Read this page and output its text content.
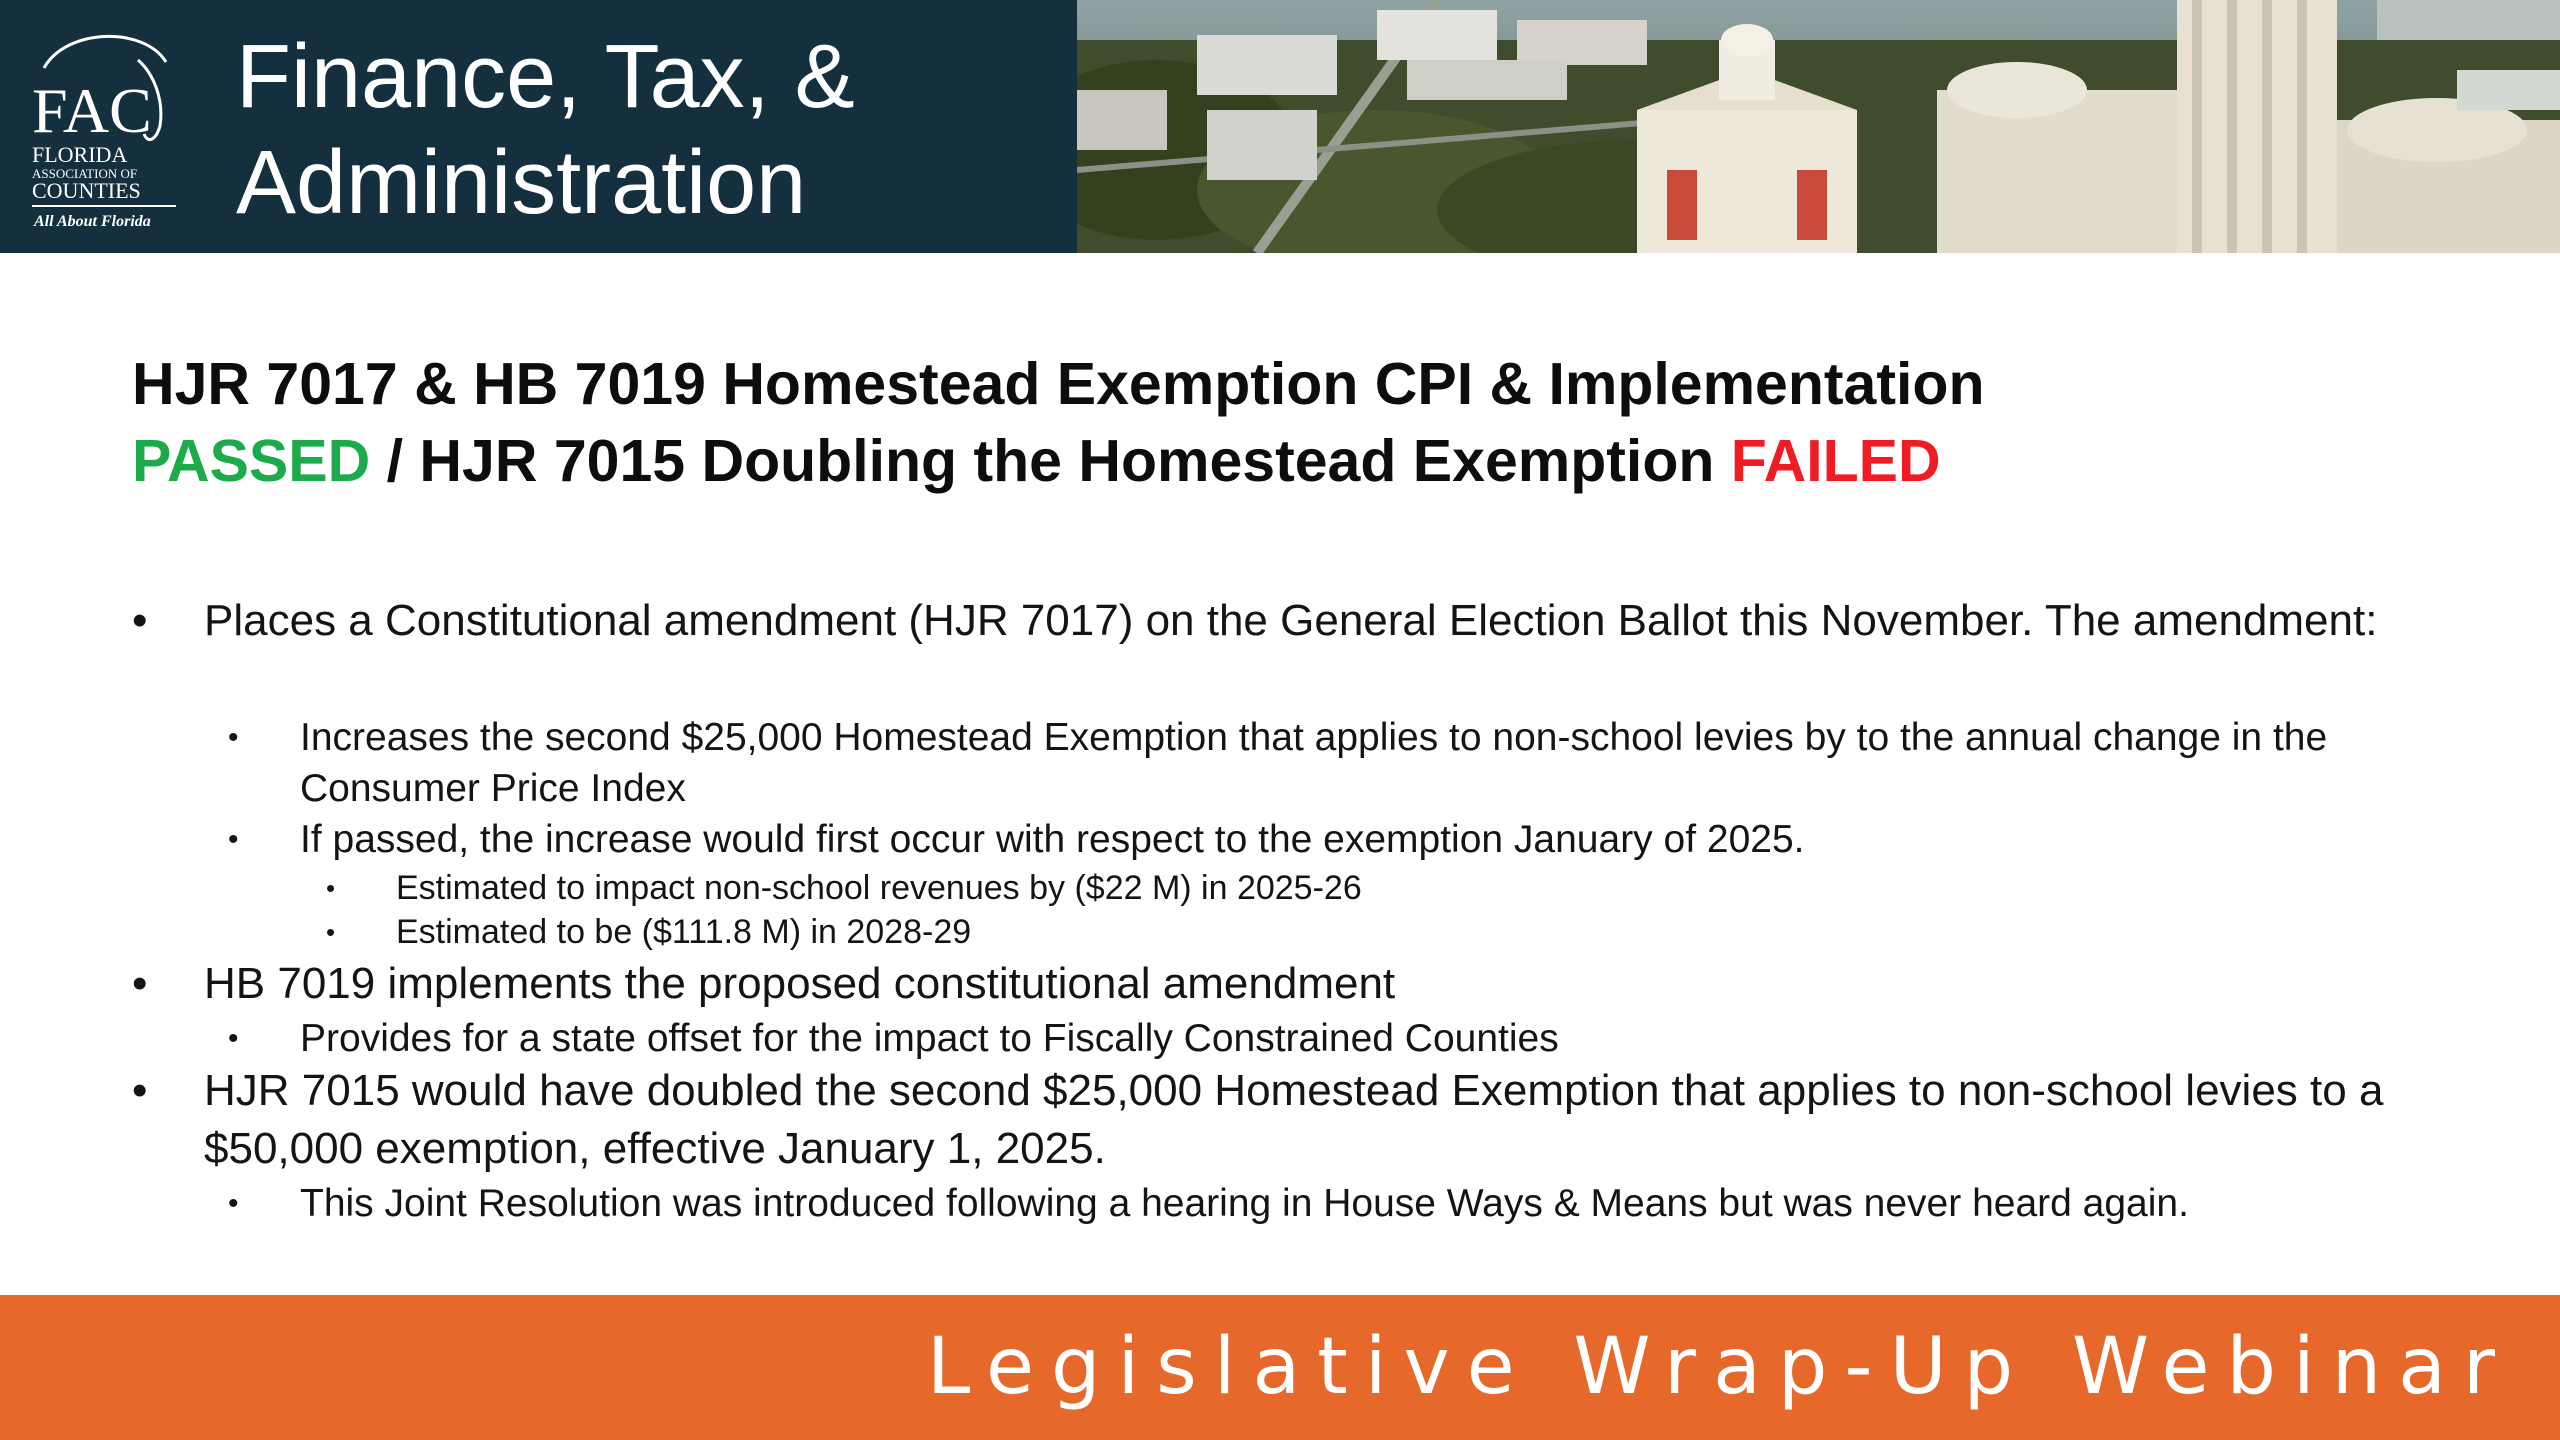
FAC
FLORIDA
ASSOCIATION OF
COUNTIES
All About Florida
Finance, Tax, &
Administration
HJR 7017 & HB 7019 Homestead Exemption CPI & Implementation
PASSED / HJR 7015 Doubling the Homestead Exemption FAILED

• Places a Constitutional amendment (HJR 7017) on the General Election Ballot this November. The amendment:

• Increases the second $25,000 Homestead Exemption that applies to non-school levies by to the annual change in the Consumer Price Index

• If passed, the increase would first occur with respect to the exemption January of 2025.

• Estimated to impact non-school revenues by ($22 M) in 2025-26

• Estimated to be ($111.8 M) in 2028-29

• HB 7019 implements the proposed constitutional amendment

• Provides for a state offset for the impact to Fiscally Constrained Counties

• HJR 7015 would have doubled the second $25,000 Homestead Exemption that applies to non-school levies to a $50,000 exemption, effective January 1, 2025.

• This Joint Resolution was introduced following a hearing in House Ways & Means but was never heard again.

Legislative Wrap-Up Webinar
